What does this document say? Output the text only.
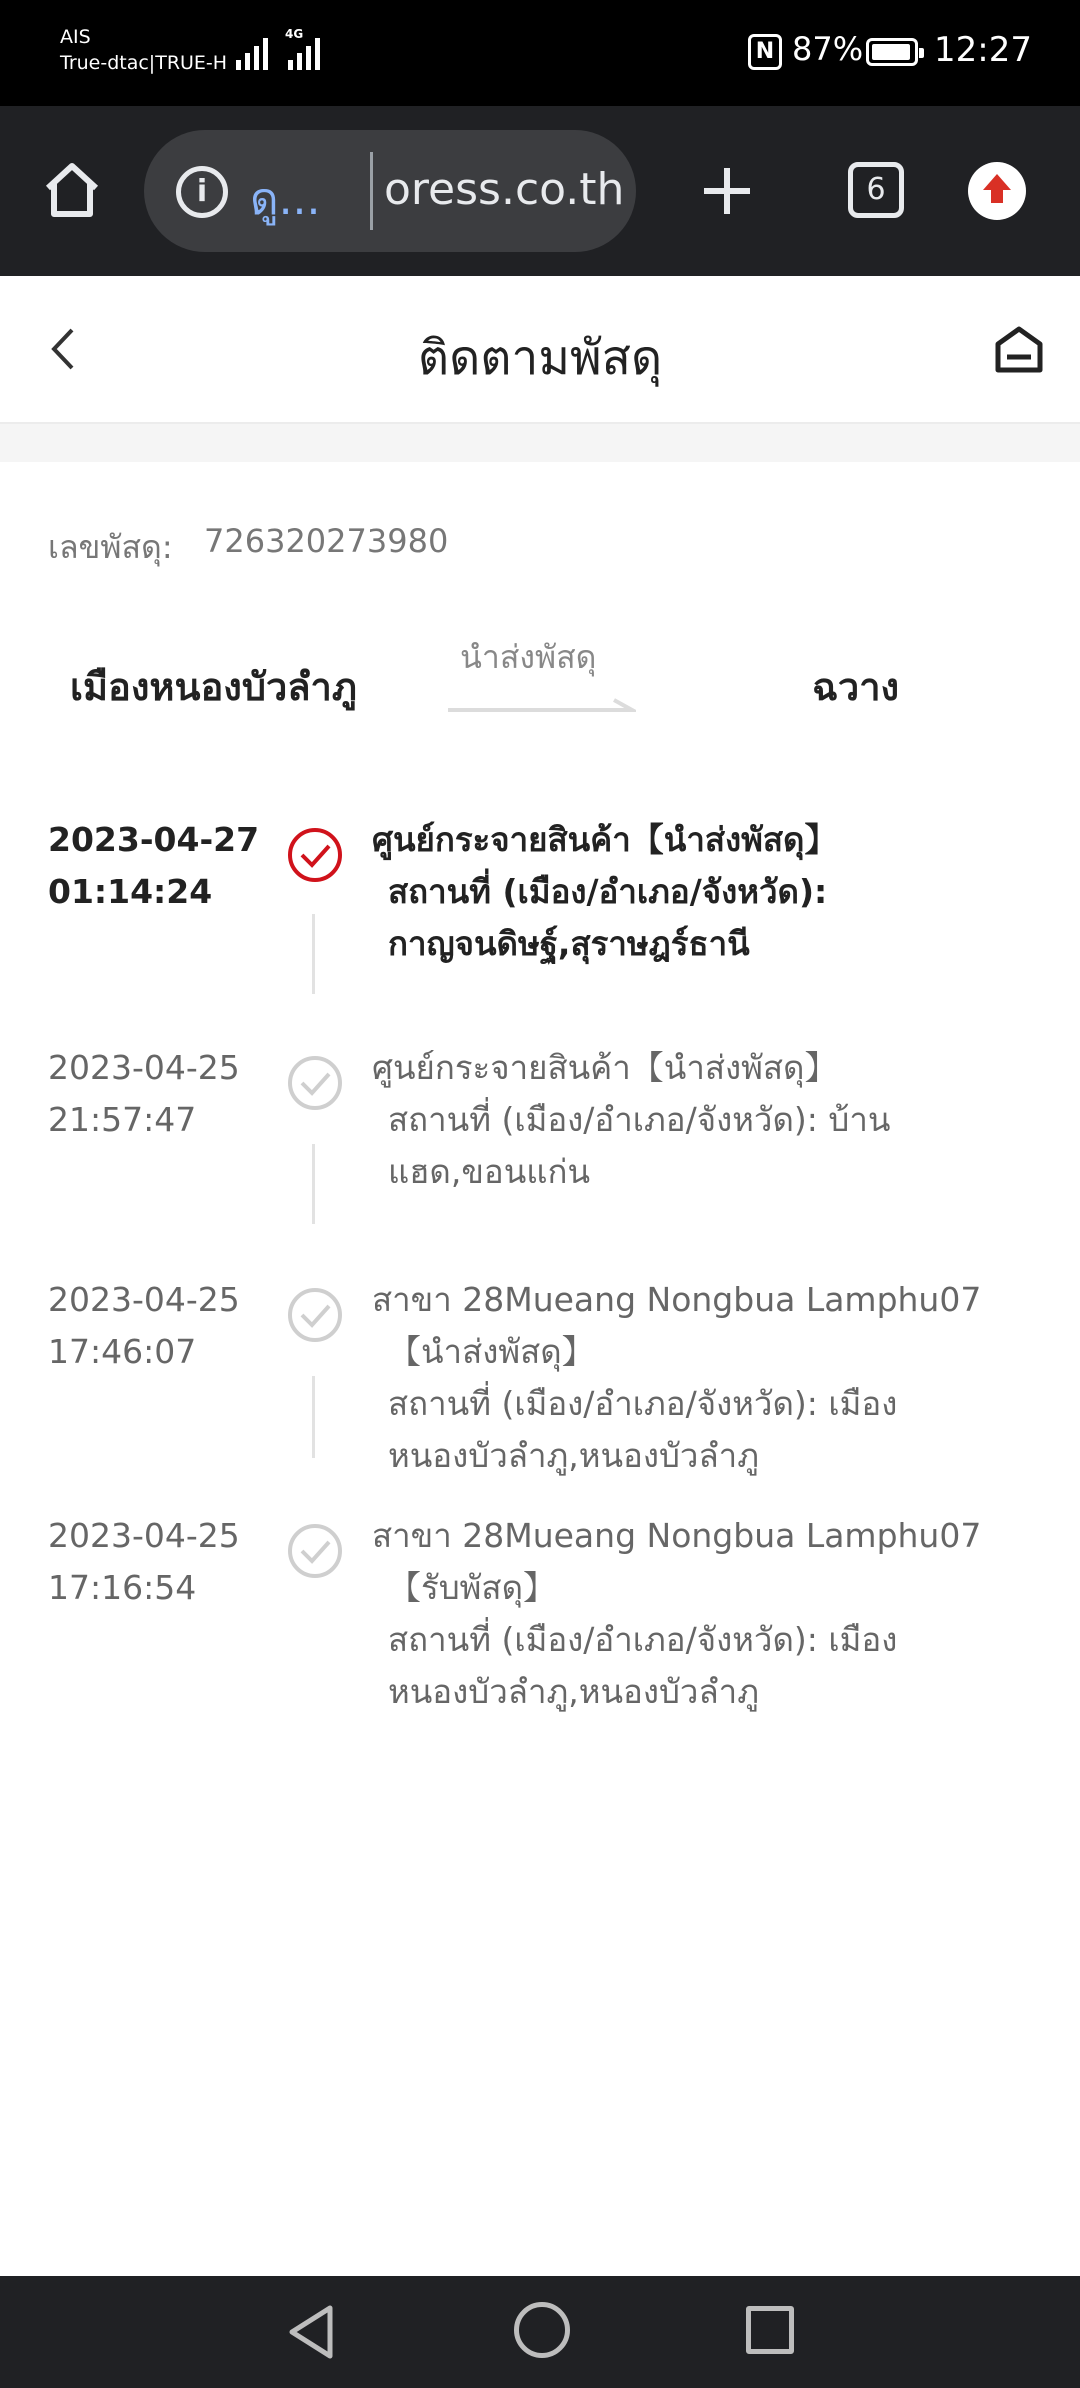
AIS
True-dtac|TRUE-H
4G
N 87% 12:27
i ดู... oress.co.th	6
ติดตามพัสดุ
เลขพัสดุ: 726320273980
เมืองหนองบัวลำภู
นำส่งพัสดุ
ฉวาง
2023-04-27
01:14:24
ศูนย์กระจายสินค้า【นำส่งพัสดุ】
สถานที่ (เมือง/อำเภอ/จังหวัด): กาญจนดิษฐ์,สุราษฎร์ธานี
2023-04-25
21:57:47
ศูนย์กระจายสินค้า【นำส่งพัสดุ】
สถานที่ (เมือง/อำเภอ/จังหวัด): บ้านแฮด,ขอนแก่น
2023-04-25
17:46:07
สาขา 28Mueang Nongbua Lamphu07
【นำส่งพัสดุ】
สถานที่ (เมือง/อำเภอ/จังหวัด): เมืองหนองบัวลำภู,หนองบัวลำภู
2023-04-25
17:16:54
สาขา 28Mueang Nongbua Lamphu07
【รับพัสดุ】
สถานที่ (เมือง/อำเภอ/จังหวัด): เมืองหนองบัวลำภู,หนองบัวลำภู
